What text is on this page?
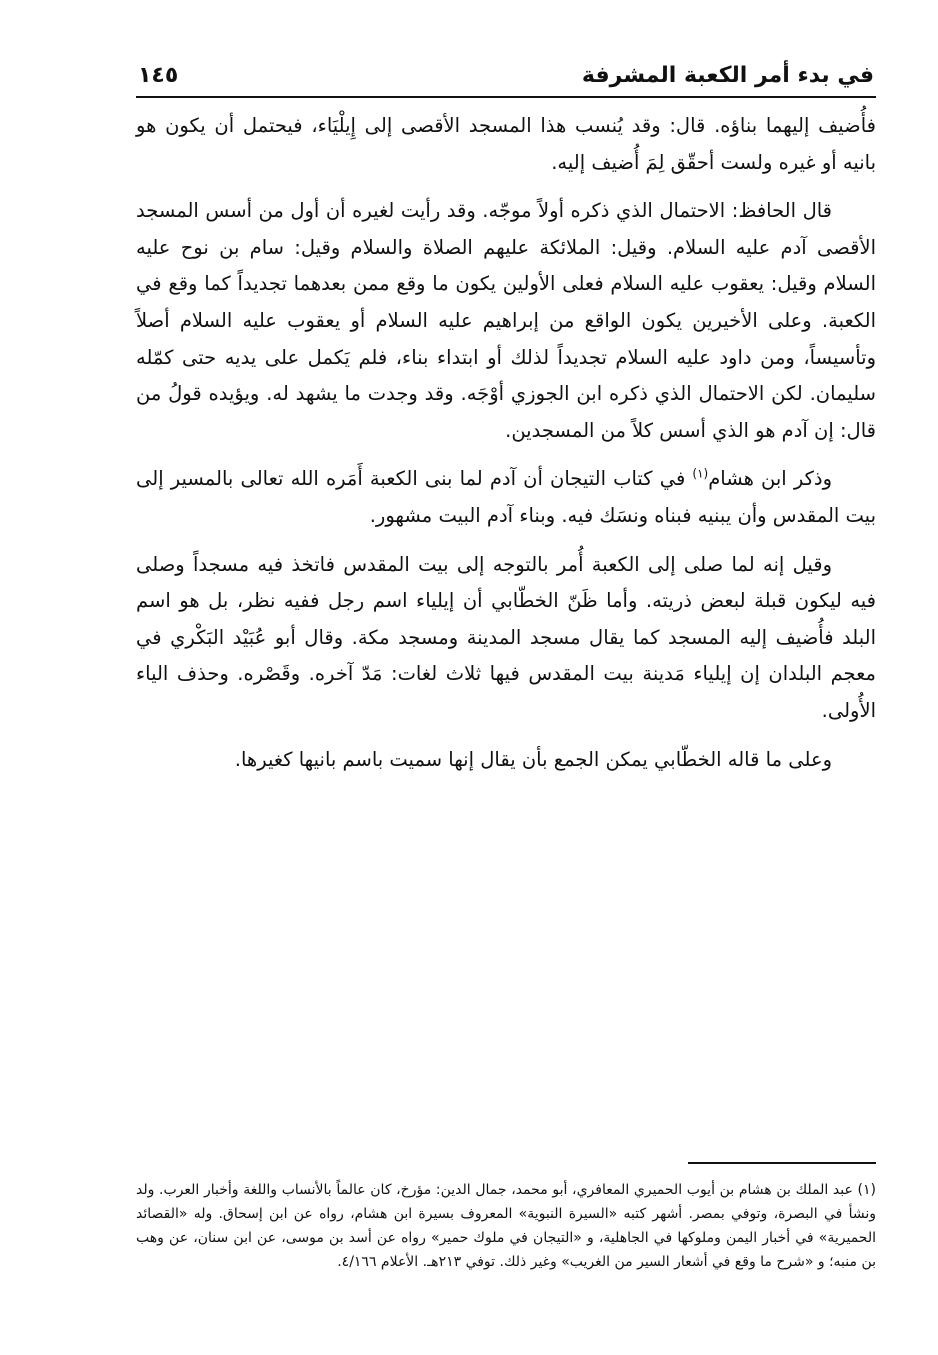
في بدء أمر الكعبة المشرفة
١٤٥

فأُضيف إليهما بناؤه. قال: وقد يُنسب هذا المسجد الأقصى إلى إِيلْيَاء، فيحتمل أن يكون هو بانيه أو غيره ولست أحقّق لِمَ أُضيف إليه.

قال الحافظ: الاحتمال الذي ذكره أولاً موجّه. وقد رأيت لغيره أن أول من أسس المسجد الأقصى آدم عليه السلام. وقيل: الملائكة عليهم الصلاة والسلام وقيل: سام بن نوح عليه السلام وقيل: يعقوب عليه السلام فعلى الأولين يكون ما وقع ممن بعدهما تجديداً كما وقع في الكعبة. وعلى الأخيرين يكون الواقع من إبراهيم عليه السلام أو يعقوب عليه السلام أصلاً وتأسيساً، ومن داود عليه السلام تجديداً لذلك أو ابتداء بناء، فلم يَكمل على يديه حتى كمّله سليمان. لكن الاحتمال الذي ذكره ابن الجوزي أوْجَه. وقد وجدت ما يشهد له. ويؤيده قولُ من قال: إن آدم هو الذي أسس كلاً من المسجدين.

وذكر ابن هشام$^{(١)}$ في كتاب التيجان أن آدم لما بنى الكعبة أَمَره الله تعالى بالمسير إلى بيت المقدس وأن يبنيه فبناه ونسَك فيه. وبناء آدم البيت مشهور.

وقيل إنه لما صلى إلى الكعبة أُمر بالتوجه إلى بيت المقدس فاتخذ فيه مسجداً وصلى فيه ليكون قبلة لبعض ذريته. وأما ظَنّ الخطّابي أن إيلياء اسم رجل ففيه نظر، بل هو اسم البلد فأُضيف إليه المسجد كما يقال مسجد المدينة ومسجد مكة. وقال أبو عُبَيْد البَكْري في معجم البلدان إن إيلياء مَدينة بيت المقدس فيها ثلاث لغات: مَدّ آخره. وقَصْره. وحذف الياء الأُولى.

وعلى ما قاله الخطّابي يمكن الجمع بأن يقال إنها سميت باسم بانيها كغيرها.

(١) عبد الملك بن هشام بن أيوب الحميري المعافري، أبو محمد، جمال الدين: مؤرخ، كان عالماً بالأنساب واللغة وأخبار العرب. ولد ونشأ في البصرة، وتوفي بمصر. أشهر كتبه «السيرة النبوية» المعروف بسيرة ابن هشام، رواه عن ابن إسحاق. وله «القصائد الحميرية» في أخبار اليمن وملوكها في الجاهلية، و «التيجان في ملوك حمير» رواه عن أسد بن موسى، عن ابن سنان، عن وهب بن منبه؛ و «شرح ما وقع في أشعار السير من الغريب» وغير ذلك. توفي ٢١٣هـ. الأعلام ٤/١٦٦.
